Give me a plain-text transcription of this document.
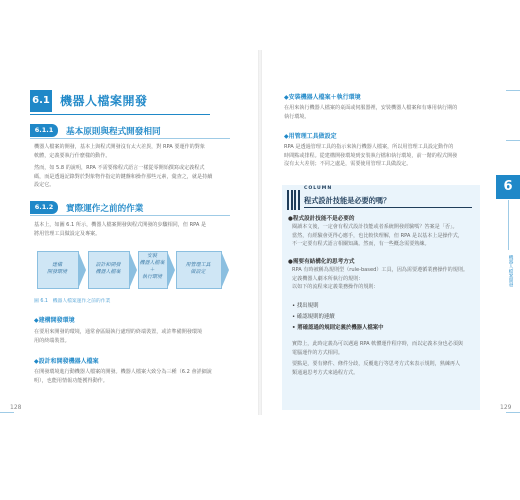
6.1 機器人檔案開發
6.1.1	基本原則與程式開發相同
機器人檔案的開發，基本上與程式開發沒有太大差異，對 RPA 要運作的對象
軟體，定義要執行什麼樣的動作。
然而，如 5.8 的說明，RPA 不需要像程式語言一樣從零開始撰寫或定義程式
碼，而是透過記錄對於對象物作指定的鍵盤和操作那些元素，彙查之，就是持續
設定它。
6.1.2	實際運作之前的作業
基本上，如圖 6.1 所示，機器人檔案開發與程式開發的步驟相同，但 RPA 是
將用管理工具做設定及專案。
建構
開發環境
設計和開發
機器人檔案
安裝
機器人檔案
＋
執行環境
用管理工具
做設定
圖 6.1　機器人檔案運作之前的作業
◆建構開發環境
在要用來開發的環境，通常會區隔執行處理的終端裝置，或許準備開發環境
用的終端裝置。
◆設計和開發機器人檔案
在開發環境進行動機器人檔案的開發。機器人檔案大致分為三種（6.2 會詳細說
明），也能用情報功能獲得動作。
128
◆安裝機器人檔案＋執行環境
在用來執行機器人檔案的桌面或伺服器裡，安裝機器人檔案和有專用執行期的
執行環境。
◆用管理工具做設定
RPA 是透過管理工具的指示來執行機器人檔案，所以用管理工具設定動作的
時間點或排程。從建構開發環境到安裝執行檔和執行環境，前一階的程式開發
沒有太大差別；不同之處是，需要使用管理工具做設定。
COLUMN
程式設計技能是必要的嗎？
●程式設計技能不是必要的
閱讀本文後，一定會有程式設計技能或者系統開發經驗嗎？答案是「否」。
當然，有經驗會更得心應手，也比較快理解，但 RPA 是以基本上是操作式，
不一定要有程式語言相關知識。然而，有一些概念需要熟練。
●需要有結構化的思考方式
RPA 有時被稱為規則型（rule-based）工具，因為需要遵循業務操作的規則。
定義機器人劇本所執行的規則：
以如下的流程來定義業務操作的規則：
• 找出規則
• 確認規則的連續
• 將確認過的規則定義於機器人檔案中
實際上，此時定義為可以遇過 RPA 軟體運作程序時，而以定義本身也必須與
電腦運作的方式相同。
要點是，要有條件、條件分歧，反覆進行等思考方式來表示規則，熟練再人
類通過思考方式來過程方式。
6
機器人檔案開發
129
